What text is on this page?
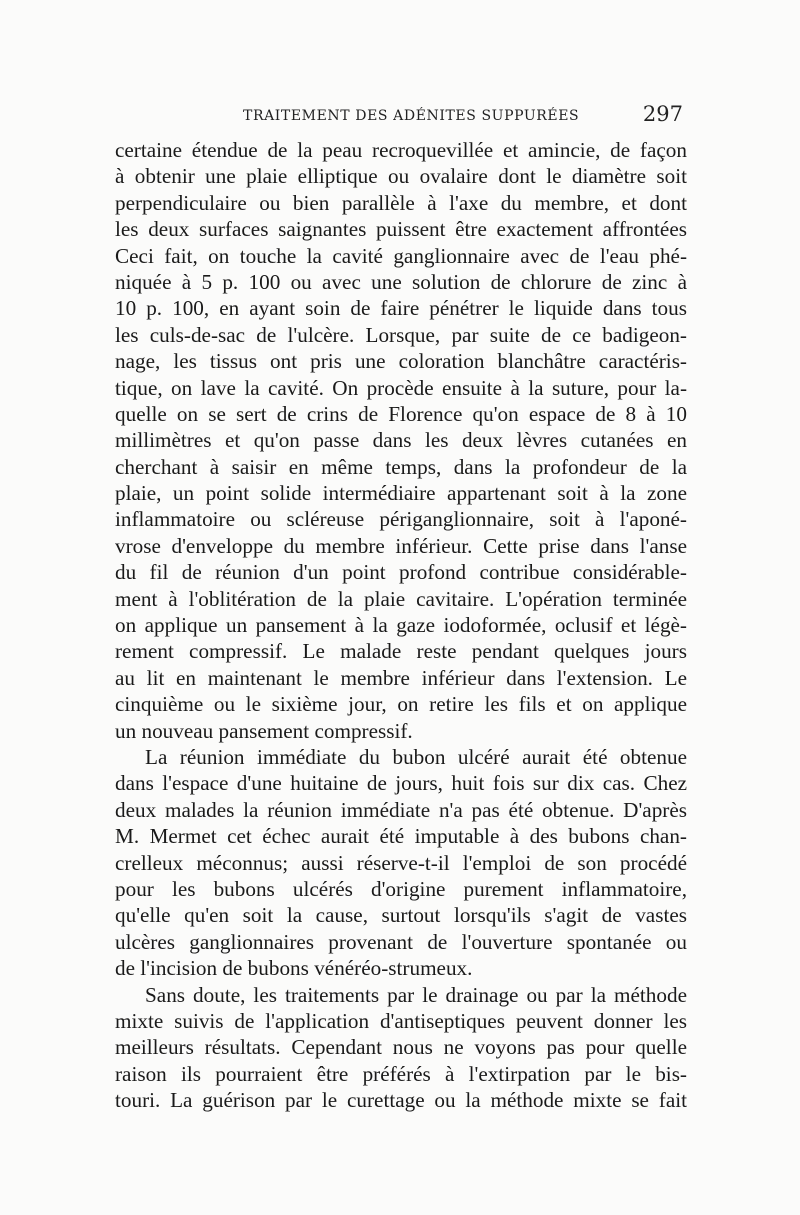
TRAITEMENT DES ADÉNITES SUPPURÉES	297
certaine étendue de la peau recroquevillée et amincie, de façon
à obtenir une plaie elliptique ou ovalaire dont le diamètre soit
perpendiculaire ou bien parallèle à l'axe du membre, et dont
les deux surfaces saignantes puissent être exactement affrontées
Ceci fait, on touche la cavité ganglionnaire avec de l'eau phé-
niquée à 5 p. 100 ou avec une solution de chlorure de zinc à
10 p. 100, en ayant soin de faire pénétrer le liquide dans tous
les culs-de-sac de l'ulcère. Lorsque, par suite de ce badigeon-
nage, les tissus ont pris une coloration blanchâtre caractéris-
tique, on lave la cavité. On procède ensuite à la suture, pour la-
quelle on se sert de crins de Florence qu'on espace de 8 à 10
millimètres et qu'on passe dans les deux lèvres cutanées en
cherchant à saisir en même temps, dans la profondeur de la
plaie, un point solide intermédiaire appartenant soit à la zone
inflammatoire ou scléreuse périganglionnaire, soit à l'aponé-
vrose d'enveloppe du membre inférieur. Cette prise dans l'anse
du fil de réunion d'un point profond contribue considérable-
ment à l'oblitération de la plaie cavitaire. L'opération terminée
on applique un pansement à la gaze iodoformée, oclusif et légè-
rement compressif. Le malade reste pendant quelques jours
au lit en maintenant le membre inférieur dans l'extension. Le
cinquième ou le sixième jour, on retire les fils et on applique
un nouveau pansement compressif.
La réunion immédiate du bubon ulcéré aurait été obtenue
dans l'espace d'une huitaine de jours, huit fois sur dix cas. Chez
deux malades la réunion immédiate n'a pas été obtenue. D'après
M. Mermet cet échec aurait été imputable à des bubons chan-
crelleux méconnus; aussi réserve-t-il l'emploi de son procédé
pour les bubons ulcérés d'origine purement inflammatoire,
qu'elle qu'en soit la cause, surtout lorsqu'ils s'agit de vastes
ulcères ganglionnaires provenant de l'ouverture spontanée ou
de l'incision de bubons vénéréo-strumeux.
Sans doute, les traitements par le drainage ou par la méthode
mixte suivis de l'application d'antiseptiques peuvent donner les
meilleurs résultats. Cependant nous ne voyons pas pour quelle
raison ils pourraient être préférés à l'extirpation par le bis-
touri. La guérison par le curettage ou la méthode mixte se fait
